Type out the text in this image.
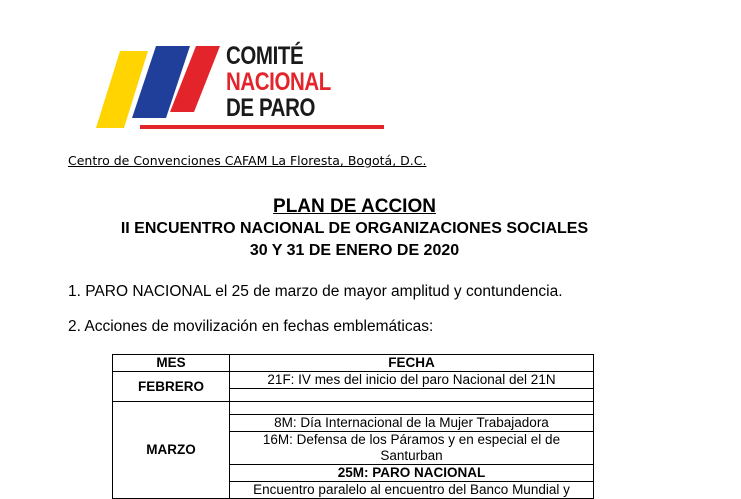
COMITÉ
NACIONAL
DE PARO
Centro de Convenciones CAFAM La Floresta, Bogotá, D.C.
PLAN DE ACCION
II ENCUENTRO NACIONAL DE ORGANIZACIONES SOCIALES
30 Y 31 DE ENERO DE 2020
1. PARO NACIONAL el 25 de marzo de mayor amplitud y contundencia.
2. Acciones de movilización en fechas emblemáticas:
MES	FECHA
FEBRERO	21F: IV mes del inicio del paro Nacional del 21N

MARZO	
	8M: Día Internacional de la Mujer Trabajadora
	16M: Defensa de los Páramos y en especial el de Santurban
	25M: PARO NACIONAL
	Encuentro paralelo al encuentro del Banco Mundial y
